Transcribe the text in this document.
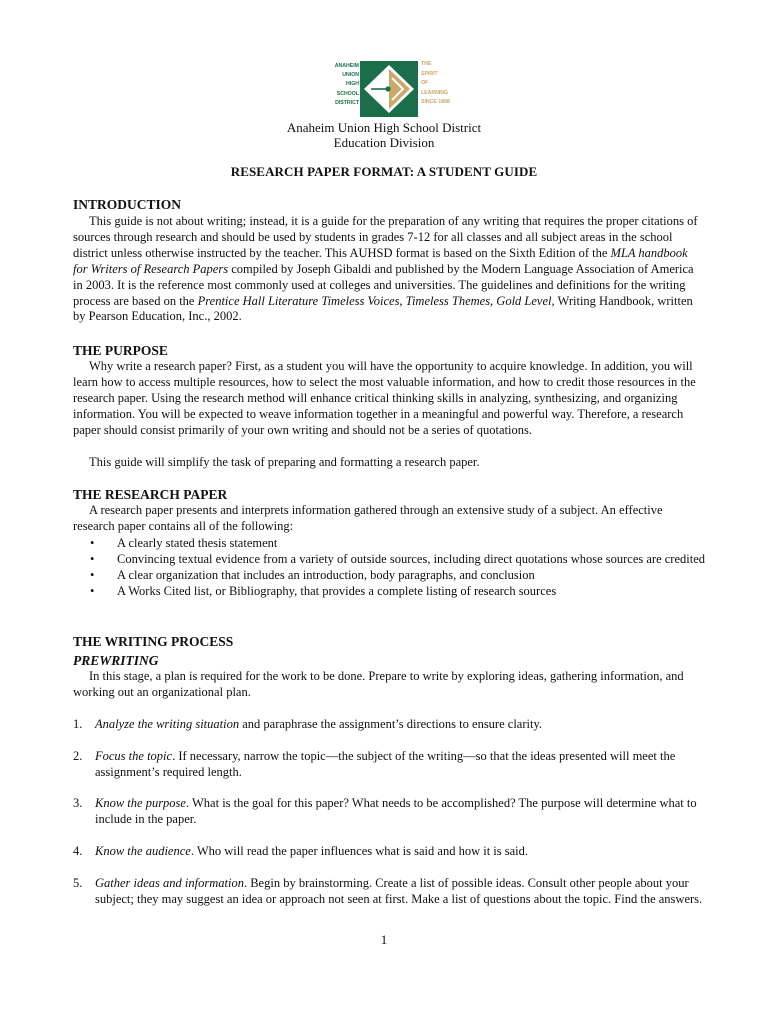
ANAHEIM
UNION
HIGH
SCHOOL
DISTRICT
THE
SPIRIT
OF
LEARNING
SINCE 1898
Anaheim Union High School District
Education Division
RESEARCH PAPER FORMAT: A STUDENT GUIDE
INTRODUCTION
This guide is not about writing; instead, it is a guide for the preparation of any writing that requires the proper citations of sources through research and should be used by students in grades 7-12 for all classes and all subject areas in the school district unless otherwise instructed by the teacher. This AUHSD format is based on the Sixth Edition of the MLA handbook for Writers of Research Papers compiled by Joseph Gibaldi and published by the Modern Language Association of America in 2003. It is the reference most commonly used at colleges and universities. The guidelines and definitions for the writing process are based on the Prentice Hall Literature Timeless Voices, Timeless Themes, Gold Level, Writing Handbook, written by Pearson Education, Inc., 2002.
THE PURPOSE
Why write a research paper? First, as a student you will have the opportunity to acquire knowledge. In addition, you will learn how to access multiple resources, how to select the most valuable information, and how to credit those resources in the research paper. Using the research method will enhance critical thinking skills in analyzing, synthesizing, and organizing information. You will be expected to weave information together in a meaningful and powerful way. Therefore, a research paper should consist primarily of your own writing and should not be a series of quotations.
This guide will simplify the task of preparing and formatting a research paper.
THE RESEARCH PAPER
A research paper presents and interprets information gathered through an extensive study of a subject. An effective research paper contains all of the following:
• A clearly stated thesis statement
• Convincing textual evidence from a variety of outside sources, including direct quotations whose sources are credited
• A clear organization that includes an introduction, body paragraphs, and conclusion
• A Works Cited list, or Bibliography, that provides a complete listing of research sources
THE WRITING PROCESS
PREWRITING
In this stage, a plan is required for the work to be done. Prepare to write by exploring ideas, gathering information, and working out an organizational plan.
1.	Analyze the writing situation and paraphrase the assignment’s directions to ensure clarity.
2.	Focus the topic. If necessary, narrow the topic—the subject of the writing—so that the ideas presented will meet the assignment’s required length.
3.	Know the purpose. What is the goal for this paper? What needs to be accomplished? The purpose will determine what to include in the paper.
4.	Know the audience. Who will read the paper influences what is said and how it is said.
5.	Gather ideas and information. Begin by brainstorming. Create a list of possible ideas. Consult other people about your subject; they may suggest an idea or approach not seen at first. Make a list of questions about the topic. Find the answers.
1
